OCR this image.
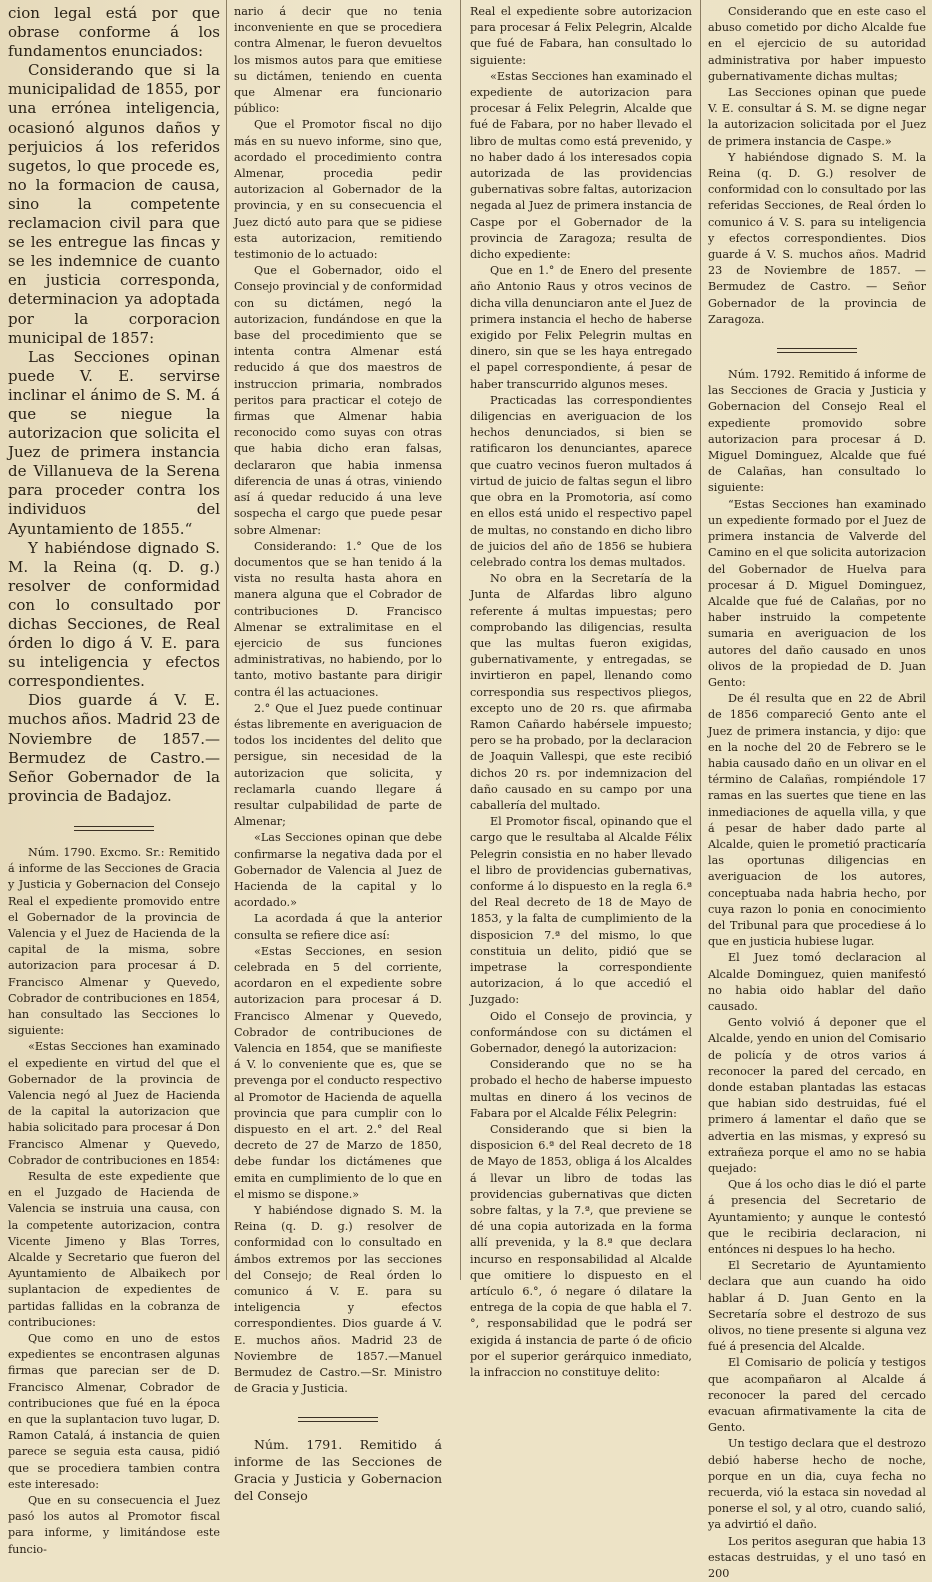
cion legal está por que obrase conforme á los fundamentos enunciados:

Considerando que si la municipalidad de 1855, por una errónea inteligencia, ocasionó algunos daños y perjuicios á los referidos sugetos, lo que procede es, no la formacion de causa, sino la competente reclamacion civil para que se les entregue las fincas y se les indemnice de cuanto en justicia corresponda, determinacion ya adoptada por la corporacion municipal de 1857:

Las Secciones opinan puede V. E. servirse inclinar el ánimo de S. M. á que se niegue la autorizacion que solicita el Juez de primera instancia de Villanueva de la Serena para proceder contra los individuos del Ayuntamiento de 1855.“

Y habiéndose dignado S. M. la Reina (q. D. g.) resolver de conformidad con lo consultado por dichas Secciones, de Real órden lo digo á V. E. para su inteligencia y efectos correspondientes.

Dios guarde á V. E. muchos años. Madrid 23 de Noviembre de 1857.—Bermudez de Castro.—Señor Gobernador de la provincia de Badajoz.

Núm. 1790. Excmo. Sr.: Remitido á informe de las Secciones de Gracia y Justicia y Gobernacion del Consejo Real el expediente promovido entre el Gobernador de la provincia de Valencia y el Juez de Hacienda de la capital de la misma, sobre autorizacion para procesar á D. Francisco Almenar y Quevedo, Cobrador de contribuciones en 1854, han consultado las Secciones lo siguiente:

«Estas Secciones han examinado el expediente en virtud del que el Gobernador de la provincia de Valencia negó al Juez de Hacienda de la capital la autorizacion que habia solicitado para procesar á Don Francisco Almenar y Quevedo, Cobrador de contribuciones en 1854:

Resulta de este expediente que en el Juzgado de Hacienda de Valencia se instruia una causa, con la competente autorizacion, contra Vicente Jimeno y Blas Torres, Alcalde y Secretario que fueron del Ayuntamiento de Albaikech por suplantacion de expedientes de partidas fallidas en la cobranza de contribuciones:

Que como en uno de estos expedientes se encontrasen algunas firmas que parecian ser de D. Francisco Almenar, Cobrador de contribuciones que fué en la época en que la suplantacion tuvo lugar, D. Ramon Catalá, á instancia de quien parece se seguia esta causa, pidió que se procediera tambien contra este interesado:

Que en su consecuencia el Juez pasó los autos al Promotor fiscal para informe, y limitándose este funcio-

nario á decir que no tenia inconveniente en que se procediera contra Almenar, le fueron devueltos los mismos autos para que emitiese su dictámen, teniendo en cuenta que Almenar era funcionario público:

Que el Promotor fiscal no dijo más en su nuevo informe, sino que, acordado el procedimiento contra Almenar, procedia pedir autorizacion al Gobernador de la provincia, y en su consecuencia el Juez dictó auto para que se pidiese esta autorizacion, remitiendo testimonio de lo actuado:

Que el Gobernador, oido el Consejo provincial y de conformidad con su dictámen, negó la autorizacion, fundándose en que la base del procedimiento que se intenta contra Almenar está reducido á que dos maestros de instruccion primaria, nombrados peritos para practicar el cotejo de firmas que Almenar habia reconocido como suyas con otras que habia dicho eran falsas, declararon que habia inmensa diferencia de unas á otras, viniendo así á quedar reducido á una leve sospecha el cargo que puede pesar sobre Almenar:

Considerando: 1.° Que de los documentos que se han tenido á la vista no resulta hasta ahora en manera alguna que el Cobrador de contribuciones D. Francisco Almenar se extralimitase en el ejercicio de sus funciones administrativas, no habiendo, por lo tanto, motivo bastante para dirigir contra él las actuaciones.

2.° Que el Juez puede continuar éstas libremente en averiguacion de todos los incidentes del delito que persigue, sin necesidad de la autorizacion que solicita, y reclamarla cuando llegare á resultar culpabilidad de parte de Almenar;

«Las Secciones opinan que debe confirmarse la negativa dada por el Gobernador de Valencia al Juez de Hacienda de la capital y lo acordado.»

La acordada á que la anterior consulta se refiere dice así:

«Estas Secciones, en sesion celebrada en 5 del corriente, acordaron en el expediente sobre autorizacion para procesar á D. Francisco Almenar y Quevedo, Cobrador de contribuciones de Valencia en 1854, que se manifieste á V. lo conveniente que es, que se prevenga por el conducto respectivo al Promotor de Hacienda de aquella provincia que para cumplir con lo dispuesto en el art. 2.° del Real decreto de 27 de Marzo de 1850, debe fundar los dictámenes que emita en cumplimiento de lo que en el mismo se dispone.»

Y habiéndose dignado S. M. la Reina (q. D. g.) resolver de conformidad con lo consultado en ámbos extremos por las secciones del Consejo; de Real órden lo comunico á V. E. para su inteligencia y efectos correspondientes. Dios guarde á V. E. muchos años. Madrid 23 de Noviembre de 1857.—Manuel Bermudez de Castro.—Sr. Ministro de Gracia y Justicia.

Núm. 1791. Remitido á informe de las Secciones de Gracia y Justicia y Gobernacion del Consejo

Real el expediente sobre autorizacion para procesar á Felix Pelegrin, Alcalde que fué de Fabara, han consultado lo siguiente:

«Estas Secciones han examinado el expediente de autorizacion para procesar á Felix Pelegrin, Alcalde que fué de Fabara, por no haber llevado el libro de multas como está prevenido, y no haber dado á los interesados copia autorizada de las providencias gubernativas sobre faltas, autorizacion negada al Juez de primera instancia de Caspe por el Gobernador de la provincia de Zaragoza; resulta de dicho expediente:

Que en 1.° de Enero del presente año Antonio Raus y otros vecinos de dicha villa denunciaron ante el Juez de primera instancia el hecho de haberse exigido por Felix Pelegrin multas en dinero, sin que se les haya entregado el papel correspondiente, á pesar de haber transcurrido algunos meses.

Practicadas las correspondientes diligencias en averiguacion de los hechos denunciados, si bien se ratificaron los denunciantes, aparece que cuatro vecinos fueron multados á virtud de juicio de faltas segun el libro que obra en la Promotoria, así como en ellos está unido el respectivo papel de multas, no constando en dicho libro de juicios del año de 1856 se hubiera celebrado contra los demas multados.

No obra en la Secretaría de la Junta de Alfardas libro alguno referente á multas impuestas; pero comprobando las diligencias, resulta que las multas fueron exigidas, gubernativamente, y entregadas, se invirtieron en papel, llenando como correspondia sus respectivos pliegos, excepto uno de 20 rs. que afirmaba Ramon Cañardo habérsele impuesto; pero se ha probado, por la declaracion de Joaquin Vallespi, que este recibió dichos 20 rs. por indemnizacion del daño causado en su campo por una caballería del multado.

El Promotor fiscal, opinando que el cargo que le resultaba al Alcalde Félix Pelegrin consistia en no haber llevado el libro de providencias gubernativas, conforme á lo dispuesto en la regla 6.ª del Real decreto de 18 de Mayo de 1853, y la falta de cumplimiento de la disposicion 7.ª del mismo, lo que constituia un delito, pidió que se impetrase la correspondiente autorizacion, á lo que accedió el Juzgado:

Oido el Consejo de provincia, y conformándose con su dictámen el Gobernador, denegó la autorizacion:

Considerando que no se ha probado el hecho de haberse impuesto multas en dinero á los vecinos de Fabara por el Alcalde Félix Pelegrin:

Considerando que si bien la disposicion 6.ª del Real decreto de 18 de Mayo de 1853, obliga á los Alcaldes á llevar un libro de todas las providencias gubernativas que dicten sobre faltas, y la 7.ª, que previene se dé una copia autorizada en la forma allí prevenida, y la 8.ª que declara incurso en responsabilidad al Alcalde que omitiere lo dispuesto en el artículo 6.°, ó negare ó dilatare la entrega de la copia de que habla el 7.°, responsabilidad que le podrá ser exigida á instancia de parte ó de oficio por el superior gerárquico inmediato, la infraccion no constituye delito:

Considerando que en este caso el abuso cometido por dicho Alcalde fue en el ejercicio de su autoridad administrativa por haber impuesto gubernativamente dichas multas;

Las Secciones opinan que puede V. E. consultar á S. M. se digne negar la autorizacion solicitada por el Juez de primera instancia de Caspe.»

Y habiéndose dignado S. M. la Reina (q. D. G.) resolver de conformidad con lo consultado por las referidas Secciones, de Real órden lo comunico á V. S. para su inteligencia y efectos correspondientes. Dios guarde á V. S. muchos años. Madrid 23 de Noviembre de 1857. —Bermudez de Castro. — Señor Gobernador de la provincia de Zaragoza.

Núm. 1792. Remitido á informe de las Secciones de Gracia y Justicia y Gobernacion del Consejo Real el expediente promovido sobre autorizacion para procesar á D. Miguel Dominguez, Alcalde que fué de Calañas, han consultado lo siguiente:

“Estas Secciones han examinado un expediente formado por el Juez de primera instancia de Valverde del Camino en el que solicita autorizacion del Gobernador de Huelva para procesar á D. Miguel Dominguez, Alcalde que fué de Calañas, por no haber instruido la competente sumaria en averiguacion de los autores del daño causado en unos olivos de la propiedad de D. Juan Gento:

De él resulta que en 22 de Abril de 1856 compareció Gento ante el Juez de primera instancia, y dijo: que en la noche del 20 de Febrero se le habia causado daño en un olivar en el término de Calañas, rompiéndole 17 ramas en las suertes que tiene en las inmediaciones de aquella villa, y que á pesar de haber dado parte al Alcalde, quien le prometió practicaría las oportunas diligencias en averiguacion de los autores, conceptuaba nada habria hecho, por cuya razon lo ponia en conocimiento del Tribunal para que procediese á lo que en justicia hubiese lugar.

El Juez tomó declaracion al Alcalde Dominguez, quien manifestó no habia oido hablar del daño causado.

Gento volvió á deponer que el Alcalde, yendo en union del Comisario de policía y de otros varios á reconocer la pared del cercado, en donde estaban plantadas las estacas que habian sido destruidas, fué el primero á lamentar el daño que se advertia en las mismas, y expresó su extrañeza porque el amo no se habia quejado:

Que á los ocho dias le dió el parte á presencia del Secretario de Ayuntamiento; y aunque le contestó que le recibiria declaracion, ni entónces ni despues lo ha hecho.

El Secretario de Ayuntamiento declara que aun cuando ha oido hablar á D. Juan Gento en la Secretaría sobre el destrozo de sus olivos, no tiene presente si alguna vez fué á presencia del Alcalde.

El Comisario de policía y testigos que acompañaron al Alcalde á reconocer la pared del cercado evacuan afirmativamente la cita de Gento.

Un testigo declara que el destrozo debió haberse hecho de noche, porque en un dia, cuya fecha no recuerda, vió la estaca sin novedad al ponerse el sol, y al otro, cuando salió, ya advirtió el daño.

Los peritos aseguran que habia 13 estacas destruidas, y el uno tasó en 200
